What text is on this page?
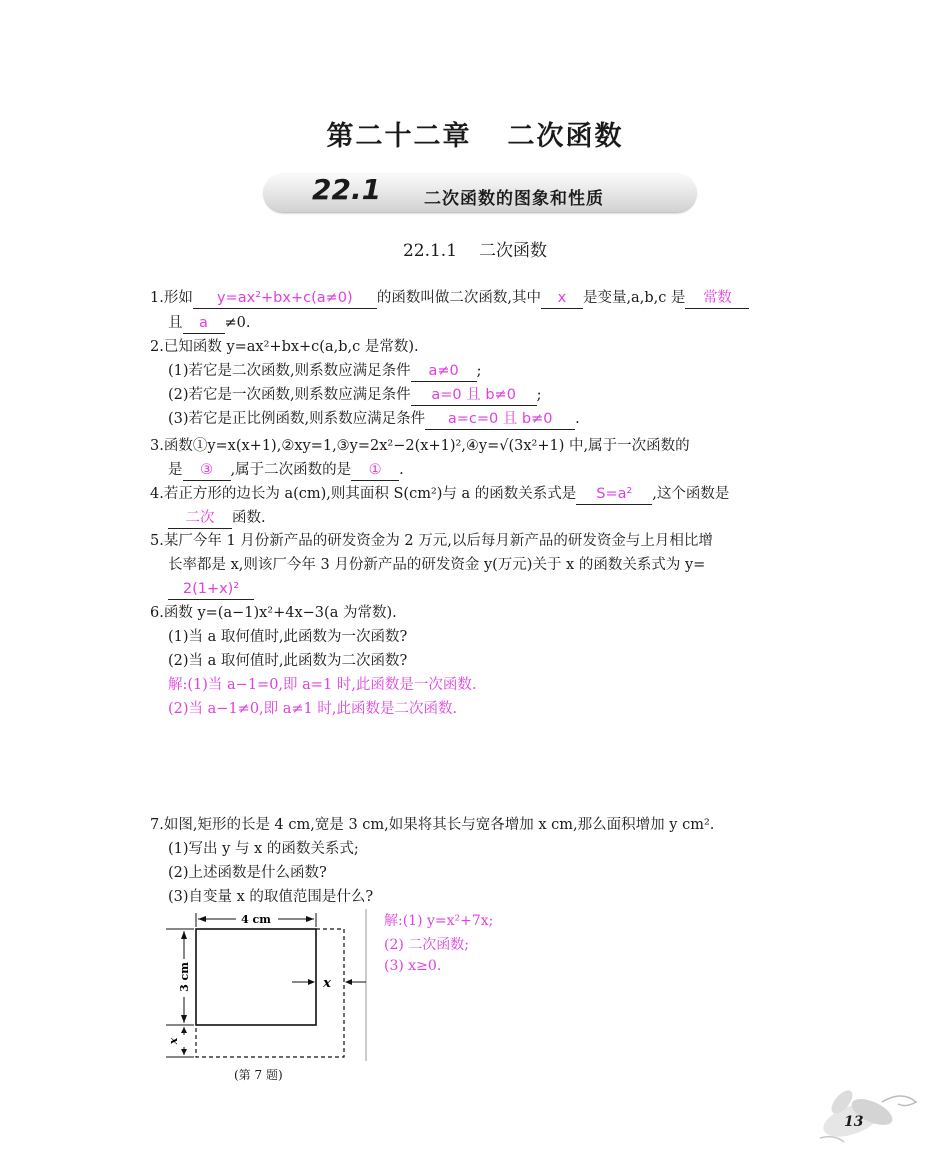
第二十二章 二次函数
22.1	二次函数的图象和性质
22.1.1 二次函数
1.形如 y=ax²+bx+c(a≠0) 的函数叫做二次函数,其中 x 是变量,a,b,c 是 常数
且 a ≠0.
2.已知函数 y=ax²+bx+c(a,b,c 是常数).
(1)若它是二次函数,则系数应满足条件 a≠0 ;
(2)若它是一次函数,则系数应满足条件 a=0 且 b≠0 ;
(3)若它是正比例函数,则系数应满足条件 a=c=0 且 b≠0 .
3.函数①y=x(x+1),②xy=1,③y=2x²−2(x+1)²,④y=√(3x²+1) 中,属于一次函数的
是 ③ ,属于二次函数的是 ① .
4.若正方形的边长为 a(cm),则其面积 S(cm²)与 a 的函数关系式是 S=a² ,这个函数是
二次 函数.
5.某厂今年 1 月份新产品的研发资金为 2 万元,以后每月新产品的研发资金与上月相比增
长率都是 x,则该厂今年 3 月份新产品的研发资金 y(万元)关于 x 的函数关系式为 y=
2(1+x)²
6.函数 y=(a−1)x²+4x−3(a 为常数).
(1)当 a 取何值时,此函数为一次函数?
(2)当 a 取何值时,此函数为二次函数?
解:(1)当 a−1=0,即 a=1 时,此函数是一次函数.
(2)当 a−1≠0,即 a≠1 时,此函数是二次函数.
7.如图,矩形的长是 4 cm,宽是 3 cm,如果将其长与宽各增加 x cm,那么面积增加 y cm².
(1)写出 y 与 x 的函数关系式;
(2)上述函数是什么函数?
(3)自变量 x 的取值范围是什么?
4 cm
3 cm
x
x
(第 7 题)
解:(1) y=x²+7x;
(2) 二次函数;
(3) x≥0.
13
